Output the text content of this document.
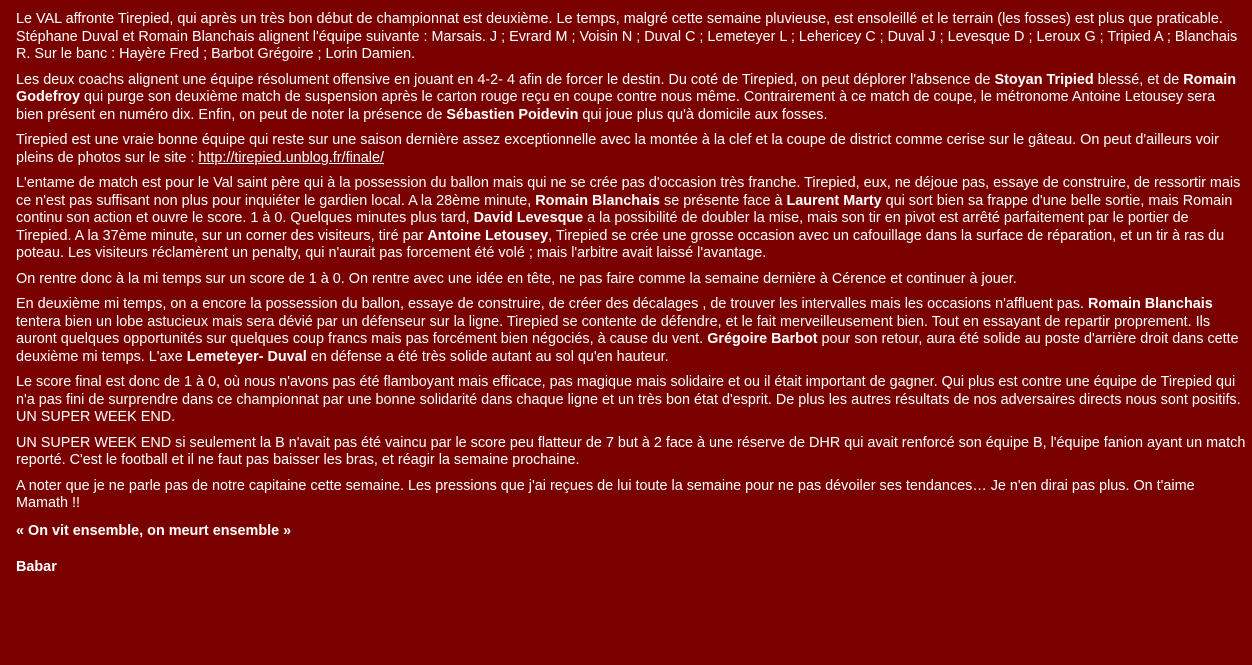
Le VAL affronte Tirepied, qui après un très bon début de championnat est deuxième. Le temps, malgré cette semaine pluvieuse, est ensoleillé et le terrain (les fosses) est plus que praticable. Stéphane Duval et Romain Blanchais alignent l'équipe suivante : Marsais. J ; Evrard M ; Voisin N ; Duval C ; Lemeteyer L ; Lehericey C ; Duval J ; Levesque D ; Leroux G ; Tripied A ; Blanchais R. Sur le banc : Hayère Fred ; Barbot Grégoire ; Lorin Damien.

Les deux coachs alignent une équipe résolument offensive en jouant en 4-2- 4 afin de forcer le destin. Du coté de Tirepied, on peut déplorer l'absence de Stoyan Tripied blessé, et de Romain Godefroy qui purge son deuxième match de suspension après le carton rouge reçu en coupe contre nous même. Contrairement à ce match de coupe, le métronome Antoine Letousey sera bien présent en numéro dix. Enfin, on peut de noter la présence de Sébastien Poidevin qui joue plus qu'à domicile aux fosses.

Tirepied est une vraie bonne équipe qui reste sur une saison dernière assez exceptionnelle avec la montée à la clef et la coupe de district comme cerise sur le gâteau. On peut d'ailleurs voir pleins de photos sur le site : http://tirepied.unblog.fr/finale/

L'entame de match est pour le Val saint père qui à la possession du ballon mais qui ne se crée pas d'occasion très franche. Tirepied, eux, ne déjoue pas, essaye de construire, de ressortir mais ce n'est pas suffisant non plus pour inquiéter le gardien local. A la 28ème minute, Romain Blanchais se présente face à Laurent Marty qui sort bien sa frappe d'une belle sortie, mais Romain continu son action et ouvre le score. 1 à 0. Quelques minutes plus tard, David Levesque a la possibilité de doubler la mise, mais son tir en pivot est arrêté parfaitement par le portier de Tirepied. A la 37ème minute, sur un corner des visiteurs, tiré par Antoine Letousey, Tirepied se crée une grosse occasion avec un cafouillage dans la surface de réparation, et un tir à ras du poteau. Les visiteurs réclamèrent un penalty, qui n'aurait pas forcement été volé ; mais l'arbitre avait laissé l'avantage.

On rentre donc à la mi temps sur un score de 1 à 0. On rentre avec une idée en tête, ne pas faire comme la semaine dernière à Cérence et continuer à jouer.

En deuxième mi temps, on a encore la possession du ballon, essaye de construire, de créer des décalages , de trouver les intervalles mais les occasions n'affluent pas. Romain Blanchais tentera bien un lobe astucieux mais sera dévié par un défenseur sur la ligne. Tirepied se contente de défendre, et le fait merveilleusement bien. Tout en essayant de repartir proprement. Ils auront quelques opportunités sur quelques coup francs mais pas forcément bien négociés, à cause du vent. Grégoire Barbot pour son retour, aura été solide au poste d'arrière droit dans cette deuxième mi temps. L'axe Lemeteyer- Duval en défense a été très solide autant au sol qu'en hauteur.

Le score final est donc de 1 à 0, où nous n'avons pas été flamboyant mais efficace, pas magique mais solidaire et ou il était important de gagner. Qui plus est contre une équipe de Tirepied qui n'a pas fini de surprendre dans ce championnat par une bonne solidarité dans chaque ligne et un très bon état d'esprit. De plus les autres résultats de nos adversaires directs nous sont positifs. UN SUPER WEEK END.

UN SUPER WEEK END si seulement la B n'avait pas été vaincu par le score peu flatteur de 7 but à 2 face à une réserve de DHR qui avait renforcé son équipe B, l'équipe fanion ayant un match reporté. C'est le football et il ne faut pas baisser les bras, et réagir la semaine prochaine.

A noter que je ne parle pas de notre capitaine cette semaine. Les pressions que j'ai reçues de lui toute la semaine pour ne pas dévoiler ses tendances… Je n'en dirai pas plus. On t'aime Mamath !!

« On vit ensemble, on meurt ensemble »

Babar
